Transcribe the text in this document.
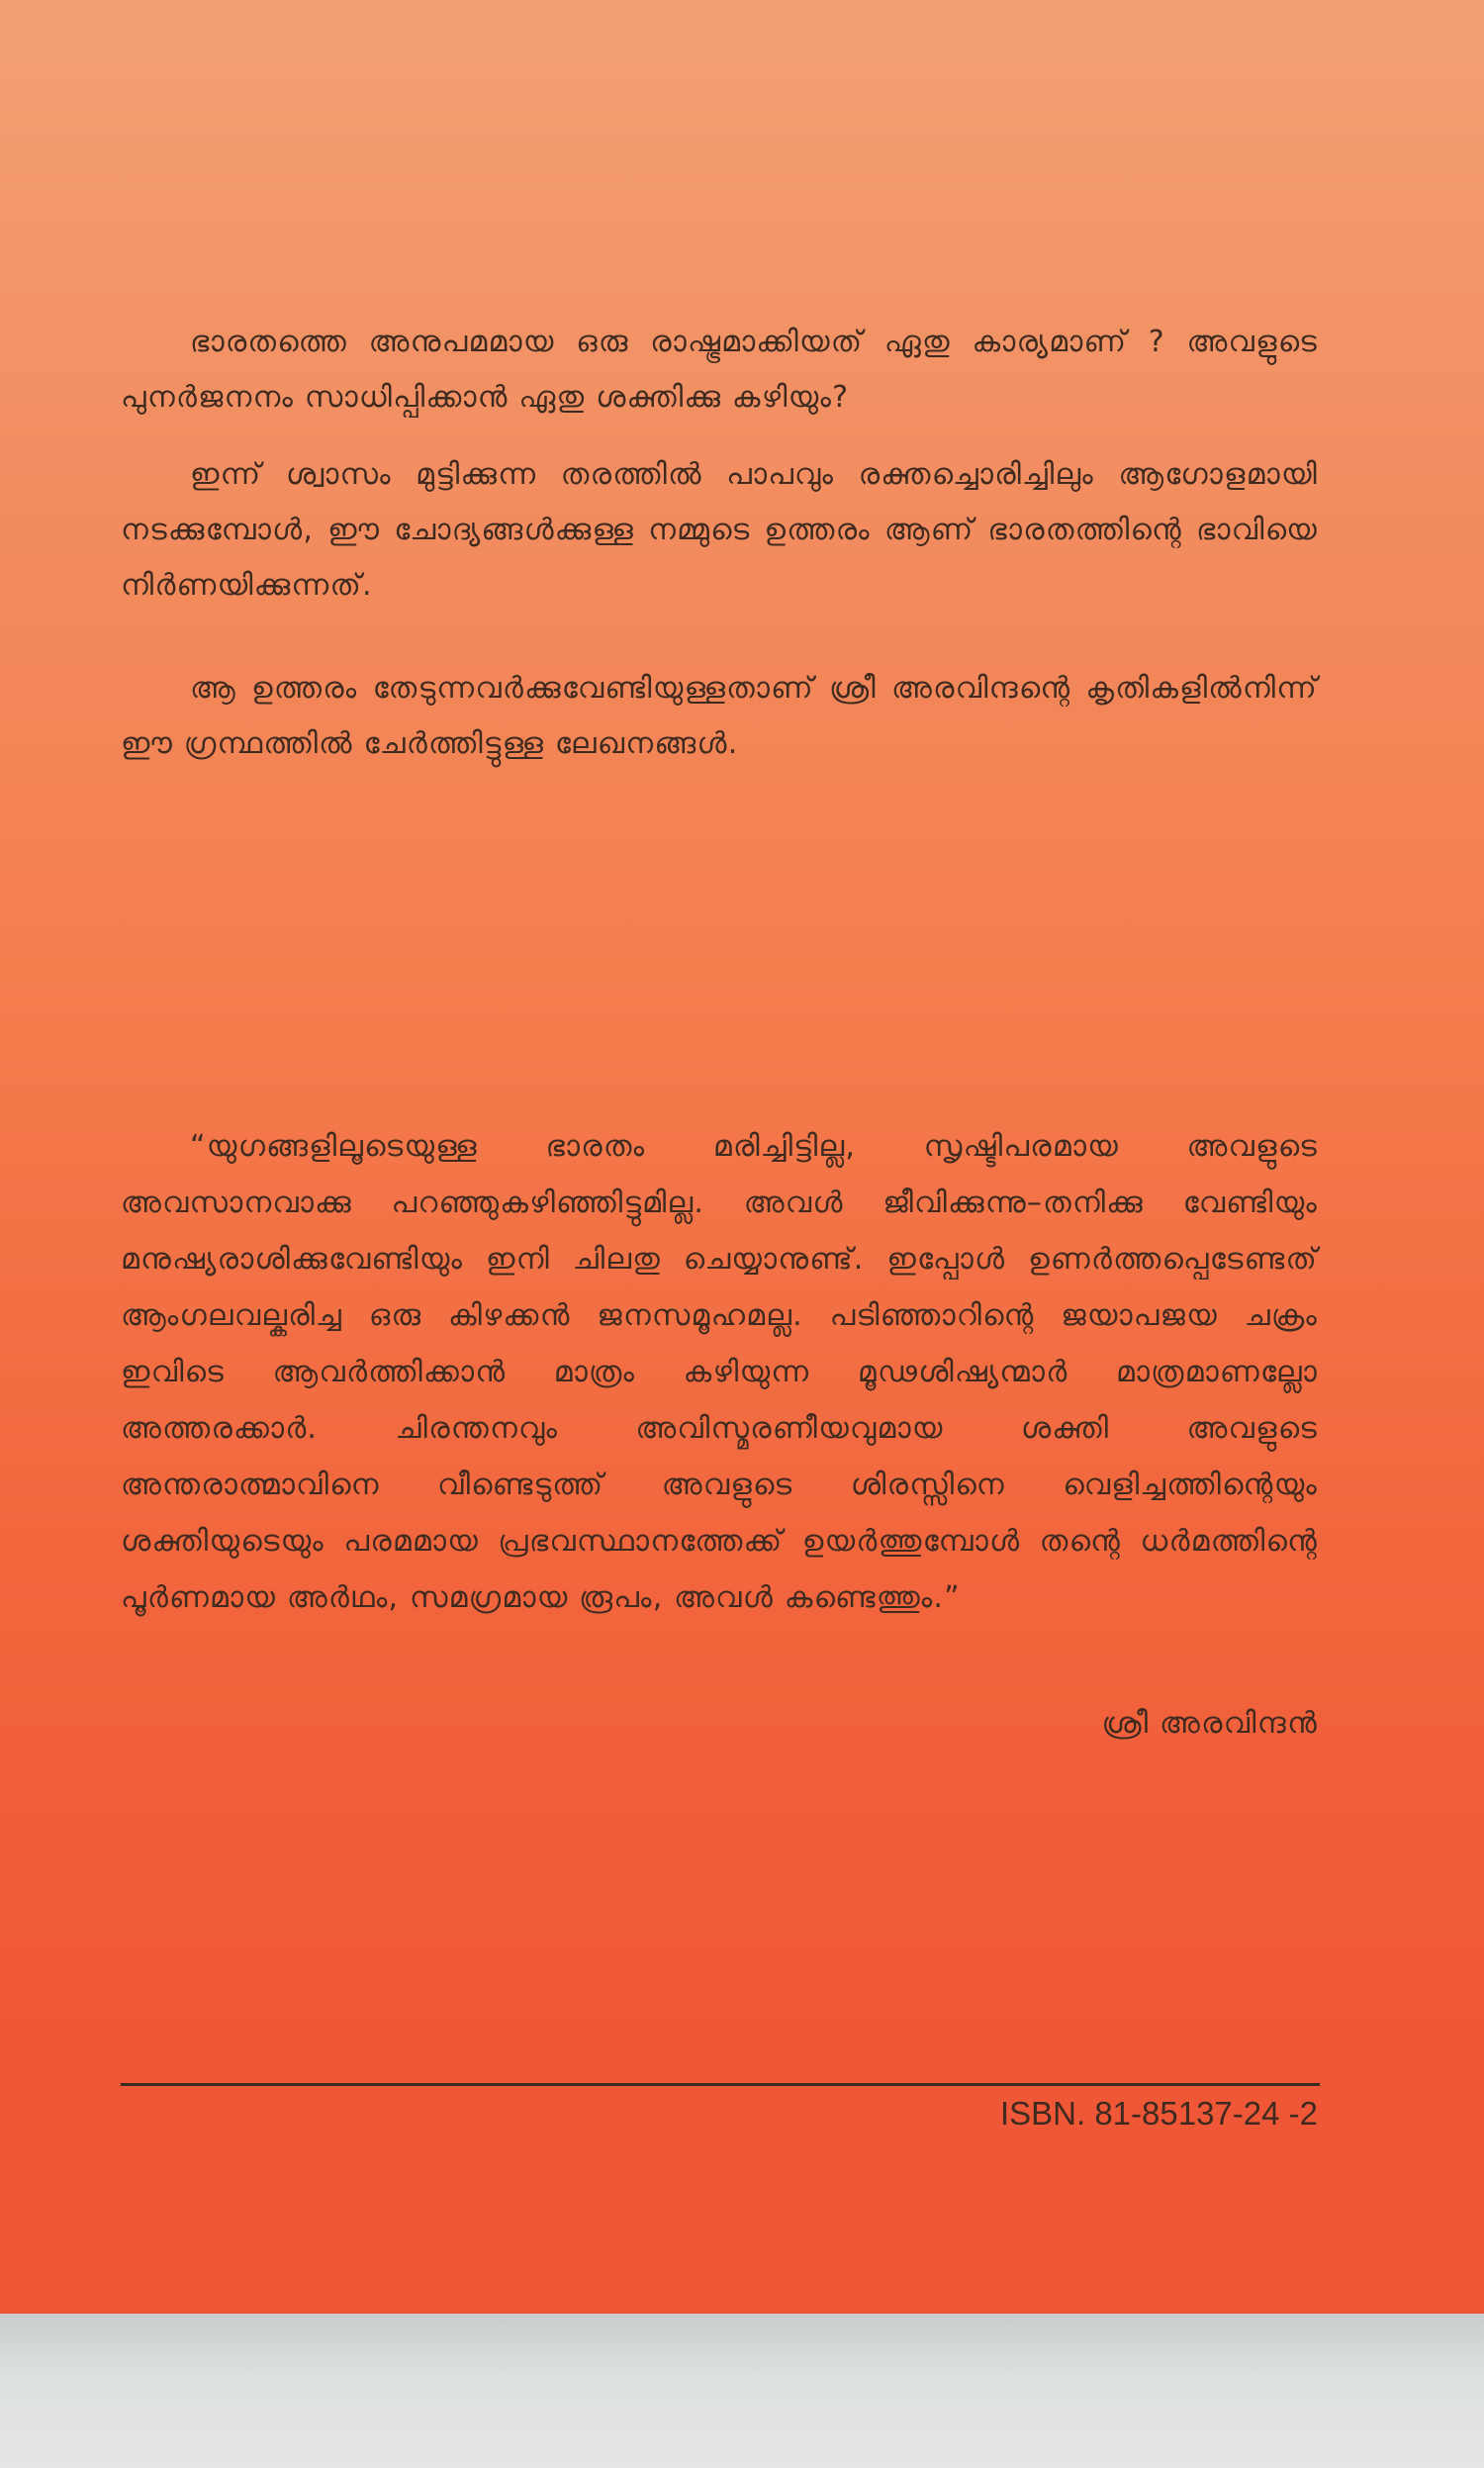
ഭാരതത്തെ അനുപമമായ ഒരു രാഷ്ട്രമാക്കിയത് ഏതു കാര്യമാണ് ? അവളുടെ പുനർജനനം സാധിപ്പിക്കാൻ ഏതു ശക്തിക്കു കഴിയും?

ഇന്ന് ശ്വാസം മുട്ടിക്കുന്ന തരത്തിൽ പാപവും രക്തച്ചൊരിച്ചിലും ആഗോളമായി നടക്കുമ്പോൾ, ഈ ചോദ്യങ്ങൾക്കുള്ള നമ്മുടെ ഉത്തരം ആണ് ഭാരതത്തിന്റെ ഭാവിയെ നിർണയിക്കുന്നത്.

ആ ഉത്തരം തേടുന്നവർക്കുവേണ്ടിയുള്ളതാണ് ശ്രീ അരവിന്ദന്റെ കൃതികളിൽനിന്ന് ഈ ഗ്രന്ഥത്തിൽ ചേർത്തിട്ടുള്ള ലേഖനങ്ങൾ.

“യുഗങ്ങളിലൂടെയുള്ള ഭാരതം മരിച്ചിട്ടില്ല, സൃഷ്ടിപരമായ അവളുടെ അവസാനവാക്കു പറഞ്ഞുകഴിഞ്ഞിട്ടുമില്ല. അവൾ ജീവിക്കുന്നു–തനിക്കു വേണ്ടിയും മനുഷ്യരാശിക്കുവേണ്ടിയും ഇനി ചിലതു ചെയ്യാനുണ്ട്. ഇപ്പോൾ ഉണർത്തപ്പെടേണ്ടത് ആംഗലവല്കരിച്ച ഒരു കിഴക്കൻ ജനസമൂഹമല്ല. പടിഞ്ഞാറിന്റെ ജയാപജയ ചക്രം ഇവിടെ ആവർത്തിക്കാൻ മാത്രം കഴിയുന്ന മൂഢശിഷ്യന്മാർ മാത്രമാണല്ലോ അത്തരക്കാർ. ചിരന്തനവും അവിസ്മരണീയവുമായ ശക്തി അവളുടെ അന്തരാത്മാവിനെ വീണ്ടെടുത്ത് അവളുടെ ശിരസ്സിനെ വെളിച്ചത്തിന്റെയും ശക്തിയുടെയും പരമമായ പ്രഭവസ്ഥാനത്തേക്ക് ഉയർത്തുമ്പോൾ തന്റെ ധർമത്തിന്റെ പൂർണമായ അർഥം, സമഗ്രമായ രൂപം, അവൾ കണ്ടെത്തും.”

ശ്രീ അരവിന്ദൻ

ISBN. 81-85137-24 -2
